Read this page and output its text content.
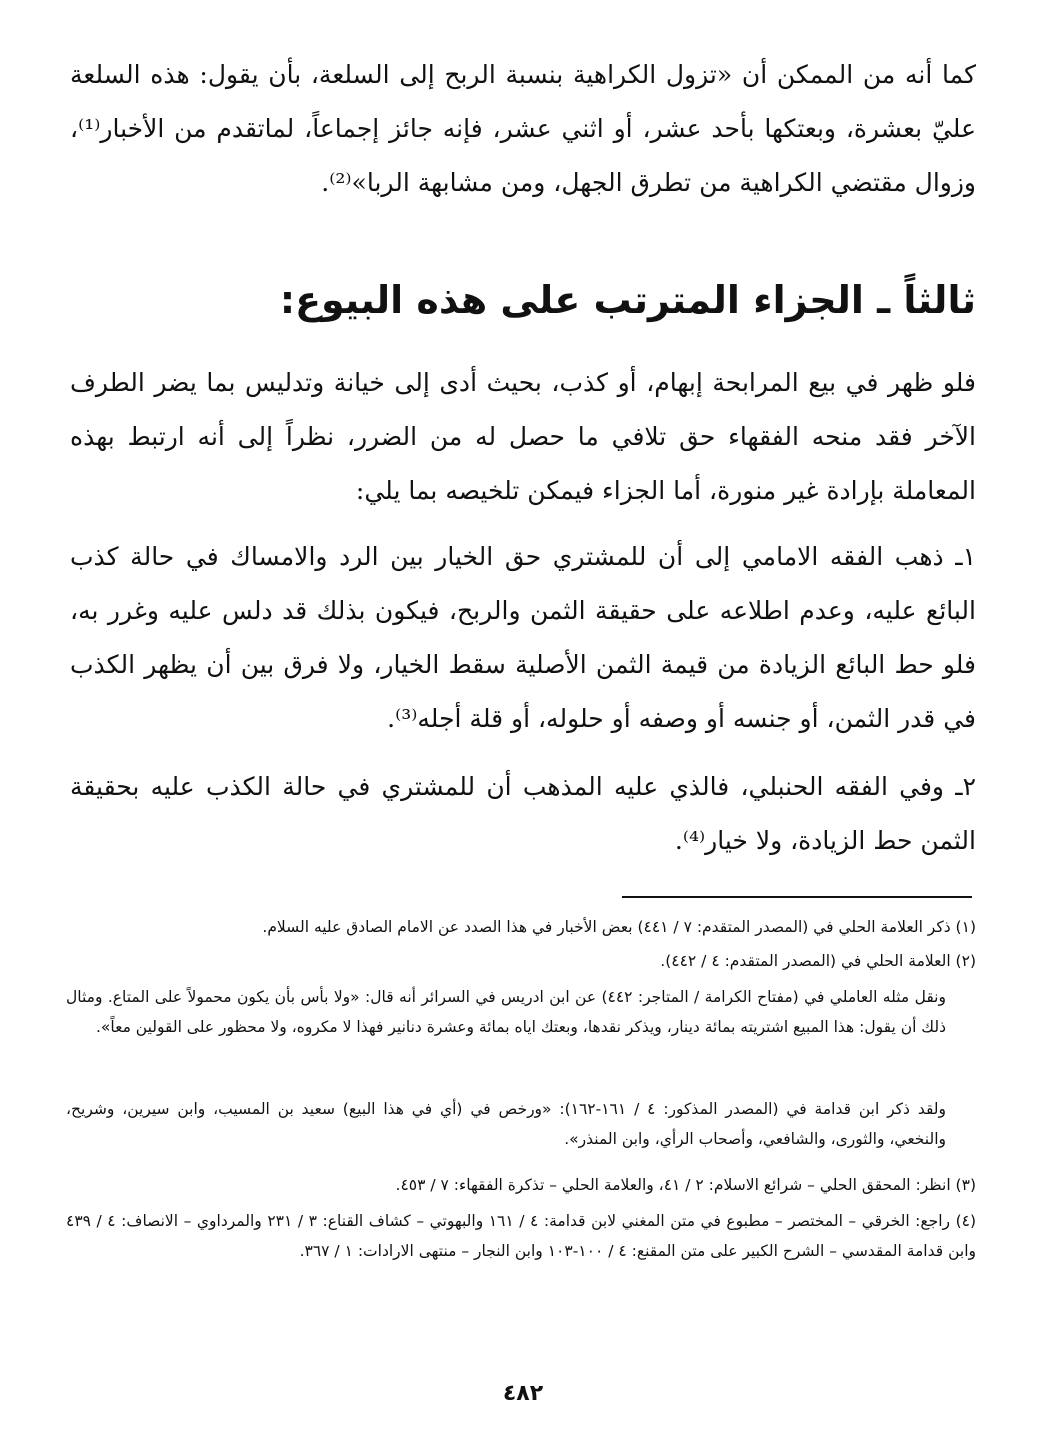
كما أنه من الممكن أن «تزول الكراهية بنسبة الربح إلى السلعة، بأن يقول: هذه السلعة عليّ بعشرة، وبعتكها بأحد عشر، أو اثني عشر، فإنه جائز إجماعاً، لماتقدم من الأخبار⁽¹⁾، وزوال مقتضي الكراهية من تطرق الجهل، ومن مشابهة الربا»⁽²⁾.

ثالثاً ـ الجزاء المترتب على هذه البيوع:

فلو ظهر في بيع المرابحة إبهام، أو كذب، بحيث أدى إلى خيانة وتدليس بما يضر الطرف الآخر فقد منحه الفقهاء حق تلافي ما حصل له من الضرر، نظراً إلى أنه ارتبط بهذه المعاملة بإرادة غير منورة، أما الجزاء فيمكن تلخيصه بما يلي:

١ـ ذهب الفقه الامامي إلى أن للمشتري حق الخيار بين الرد والامساك في حالة كذب البائع عليه، وعدم اطلاعه على حقيقة الثمن والربح، فيكون بذلك قد دلس عليه وغرر به، فلو حط البائع الزيادة من قيمة الثمن الأصلية سقط الخيار، ولا فرق بين أن يظهر الكذب في قدر الثمن، أو جنسه أو وصفه أو حلوله، أو قلة أجله⁽³⁾.

٢ـ وفي الفقه الحنبلي، فالذي عليه المذهب أن للمشتري في حالة الكذب عليه بحقيقة الثمن حط الزيادة، ولا خيار⁽⁴⁾.

(١) ذكر العلامة الحلي في (المصدر المتقدم: ٧ / ٤٤١) بعض الأخبار في هذا الصدد عن الامام الصادق عليه السلام.

(٢) العلامة الحلي في (المصدر المتقدم: ٤ / ٤٤٢).

ونقل مثله العاملي في (مفتاح الكرامة / المتاجر: ٤٤٢) عن ابن ادريس في السرائر أنه قال: «ولا بأس بأن يكون محمولاً على المتاع. ومثال ذلك أن يقول: هذا المبيع اشتريته بمائة دينار، ويذكر نقدها، وبعتك اياه بمائة وعشرة دنانير فهذا لا مكروه، ولا محظور على القولين معاً».

ولقد ذكر ابن قدامة في (المصدر المذكور: ٤ / ١٦١-١٦٢): «ورخص في (أي في هذا البيع) سعيد بن المسيب، وابن سيرين، وشريح، والنخعي، والثورى، والشافعي، وأصحاب الرأي، وابن المنذر».

(٣) انظر: المحقق الحلي – شرائع الاسلام: ٢ / ٤١، والعلامة الحلي – تذكرة الفقهاء: ٧ / ٤٥٣.

(٤) راجع: الخرقي – المختصر – مطبوع في متن المغني لابن قدامة: ٤ / ١٦١ والبهوتي – كشاف القناع: ٣ / ٢٣١ والمرداوي – الانصاف: ٤ / ٤٣٩ وابن قدامة المقدسي – الشرح الكبير على متن المقنع: ٤ / ١٠٠-١٠٣ وابن النجار – منتهى الارادات: ١ / ٣٦٧.

٤٨٢
